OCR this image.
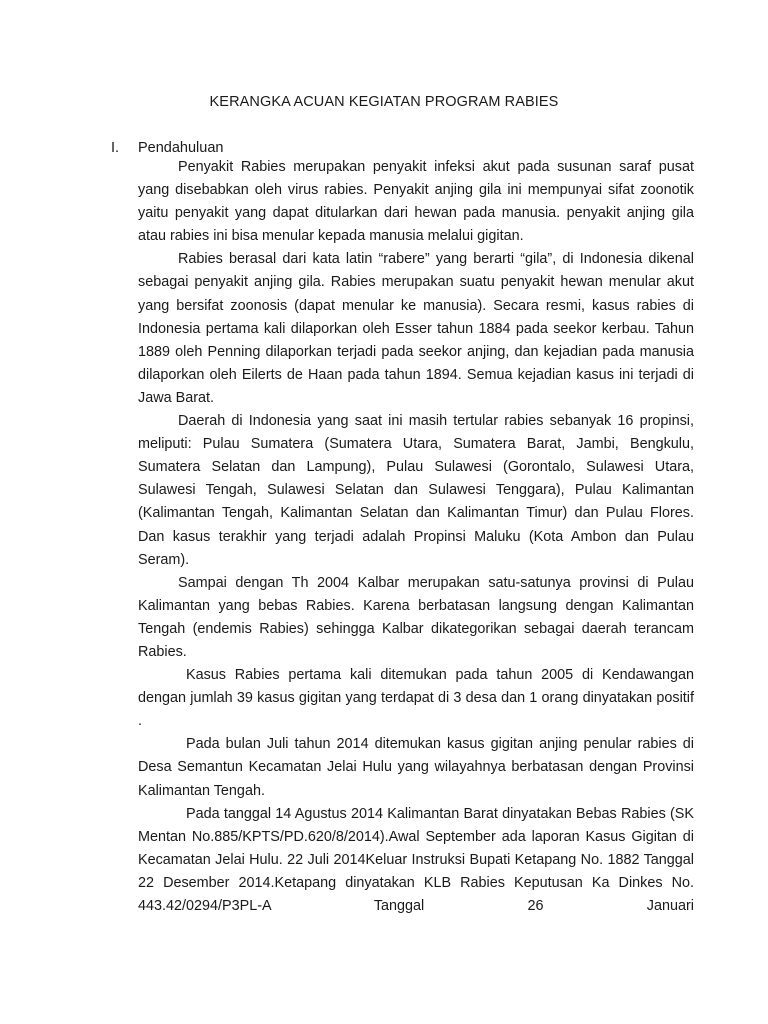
KERANGKA ACUAN KEGIATAN PROGRAM RABIES
I. Pendahuluan

Penyakit Rabies merupakan penyakit infeksi akut pada susunan saraf pusat yang disebabkan oleh virus rabies. Penyakit anjing gila ini mempunyai sifat zoonotik yaitu penyakit yang dapat ditularkan dari hewan pada manusia. penyakit anjing gila atau rabies ini bisa menular kepada manusia melalui gigitan.

Rabies berasal dari kata latin “rabere” yang berarti “gila”, di Indonesia dikenal sebagai penyakit anjing gila. Rabies merupakan suatu penyakit hewan menular akut yang bersifat zoonosis (dapat menular ke manusia). Secara resmi, kasus rabies di Indonesia pertama kali dilaporkan oleh Esser tahun 1884 pada seekor kerbau. Tahun 1889 oleh Penning dilaporkan terjadi pada seekor anjing, dan kejadian pada manusia dilaporkan oleh Eilerts de Haan pada tahun 1894. Semua kejadian kasus ini terjadi di Jawa Barat.

Daerah di Indonesia yang saat ini masih tertular rabies sebanyak 16 propinsi, meliputi: Pulau Sumatera (Sumatera Utara, Sumatera Barat, Jambi, Bengkulu, Sumatera Selatan dan Lampung), Pulau Sulawesi (Gorontalo, Sulawesi Utara, Sulawesi Tengah, Sulawesi Selatan dan Sulawesi Tenggara), Pulau Kalimantan (Kalimantan Tengah, Kalimantan Selatan dan Kalimantan Timur) dan Pulau Flores. Dan kasus terakhir yang terjadi adalah Propinsi Maluku (Kota Ambon dan Pulau Seram).

Sampai dengan Th 2004 Kalbar merupakan satu-satunya provinsi di Pulau Kalimantan yang bebas Rabies. Karena berbatasan langsung dengan Kalimantan Tengah (endemis Rabies) sehingga Kalbar dikategorikan sebagai daerah terancam Rabies.

Kasus Rabies pertama kali ditemukan pada tahun 2005 di Kendawangan dengan jumlah 39 kasus gigitan yang terdapat di 3 desa dan 1 orang dinyatakan positif .

Pada bulan Juli tahun 2014 ditemukan kasus gigitan anjing penular rabies di Desa Semantun Kecamatan Jelai Hulu yang wilayahnya berbatasan dengan Provinsi Kalimantan Tengah.

Pada tanggal 14 Agustus 2014 Kalimantan Barat dinyatakan Bebas Rabies (SK Mentan No.885/KPTS/PD.620/8/2014).Awal September ada laporan Kasus Gigitan di Kecamatan Jelai Hulu. 22 Juli 2014Keluar Instruksi Bupati Ketapang No. 1882 Tanggal 22 Desember 2014.Ketapang dinyatakan KLB Rabies Keputusan Ka Dinkes No. 443.42/0294/P3PL-A Tanggal 26 Januari
